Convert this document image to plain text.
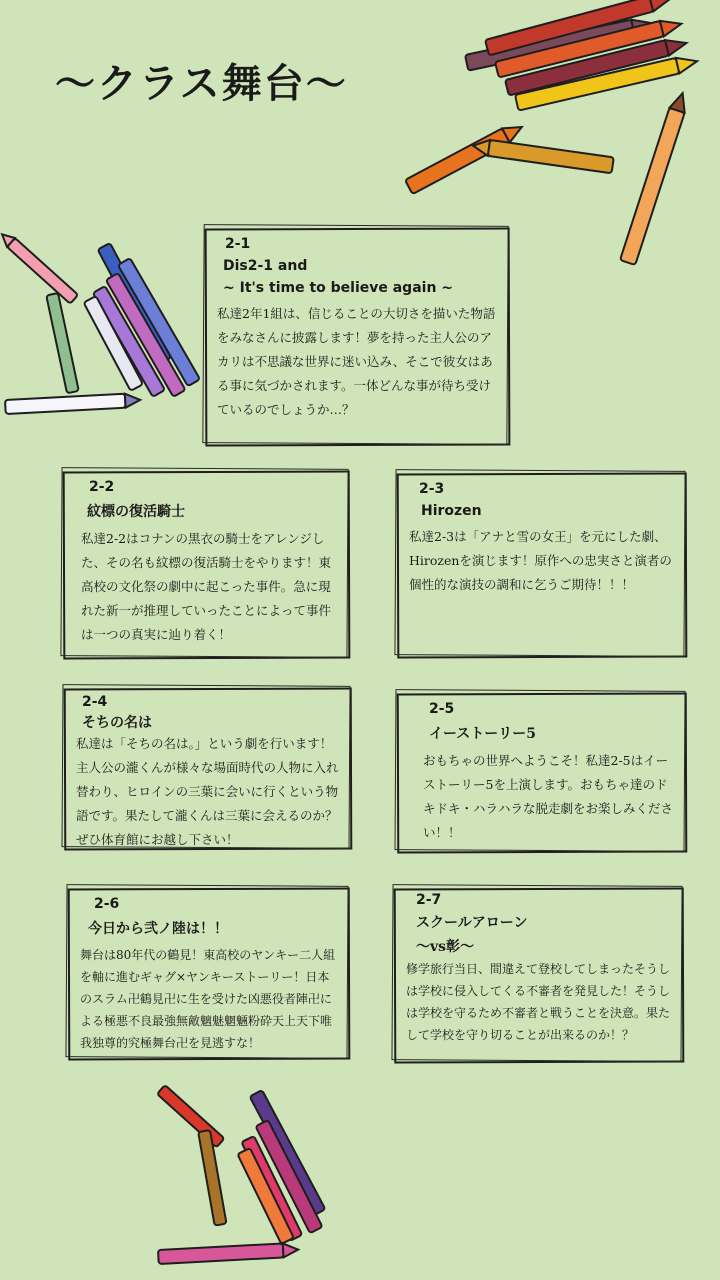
〜クラス舞台〜
2-1
Dis2-1 and
~ It's time to believe again ~

私達2年1組は、信じることの大切さを描いた物語をみなさんに披露します！夢を持った主人公のアカリは不思議な世界に迷い込み、そこで彼女はある事に気づかされます。一体どんな事が待ち受けているのでしょうか…？

2-2
紋標の復活騎士

私達2-2はコナンの黒衣の騎士をアレンジした、その名も紋標の復活騎士をやります！東高校の文化祭の劇中に起こった事件。急に現れた新一が推理していったことによって事件は一つの真実に辿り着く！

2-3
Hirozen

私達2-3は「アナと雪の女王」を元にした劇、Hirozenを演じます！原作への忠実さと演者の個性的な演技の調和に乞うご期待！！！

2-4
そちの名は

私達は「そちの名は。」という劇を行います！主人公の瀧くんが様々な場面時代の人物に入れ替わり、ヒロインの三葉に会いに行くという物語です。果たして瀧くんは三葉に会えるのか？ぜひ体育館にお越し下さい！

2-5
イーストーリー5

おもちゃの世界へようこそ！私達2-5はイーストーリー5を上演します。おもちゃ達のドキドキ・ハラハラな脱走劇をお楽しみください！！

2-6
今日から弐ノ陸は！！

舞台は80年代の鶴見！東高校のヤンキー二人組を軸に進むギャグ×ヤンキーストーリー！日本のスラム卍鶴見卍に生を受けた凶悪役者陣卍による極悪不良最強無敵魑魅魍魎粉砕天上天下唯我独尊的究極舞台卍を見逃すな！

2-7
スクールアローン
〜vs彰〜

修学旅行当日、間違えて登校してしまったそうしは学校に侵入してくる不審者を発見した！そうしは学校を守るため不審者と戦うことを決意。果たして学校を守り切ることが出来るのか！？
